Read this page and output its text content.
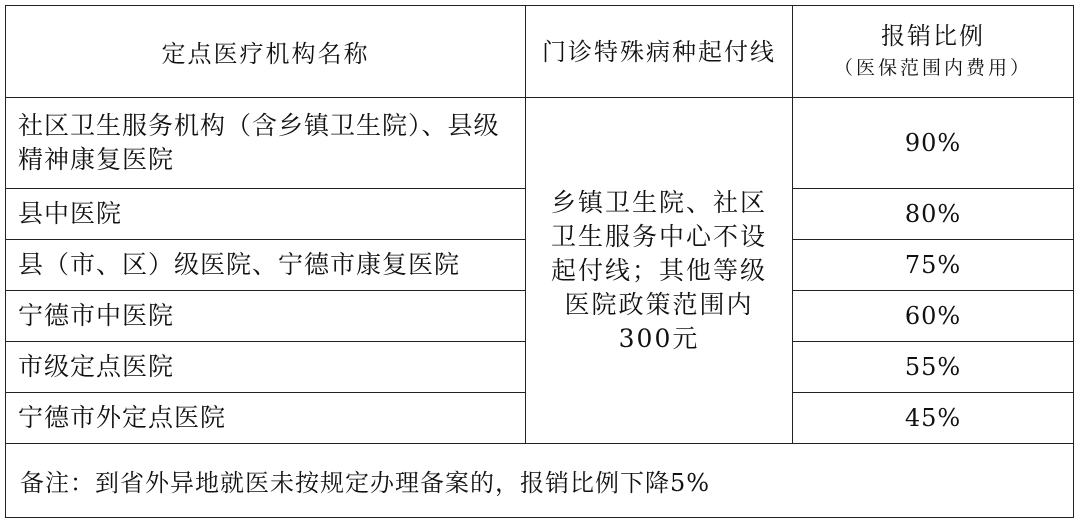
定点医疗机构名称	门诊特殊病种起付线	报销比例
（医保范围内费用）

社区卫生服务机构（含乡镇卫生院）、县级精神康复医院	乡镇卫生院、社区卫生服务中心不设起付线；其他等级医院政策范围内300元	90%
县中医院		80%
县（市、区）级医院、宁德市康复医院		75%
宁德市中医院		60%
市级定点医院		55%
宁德市外定点医院		45%
备注：到省外异地就医未按规定办理备案的，报销比例下降5%		
